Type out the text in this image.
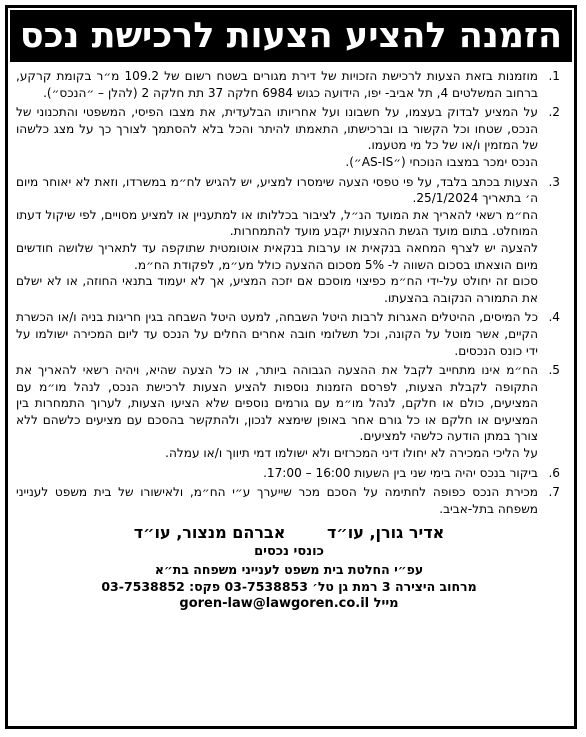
הזמנה להציע הצעות לרכישת נכס
1.

מוזמנות בזאת הצעות לרכישת הזכויות של דירת מגורים בשטח רשום של 109.2 מ״ר בקומת קרקע, ברחוב המשלטים 4, תל אביב- יפו, הידועה כגוש 6984 חלקה 37 תת חלקה 2 (להלן – ״הנכס״).

2.

על המציע לבדוק בעצמו, על חשבונו ועל אחריותו הבלעדית, את מצבו הפיסי, המשפטי והתכנוני של הנכס, שטחו וכל הקשור בו וברכישתו, התאמתו להיתר והכל בלא להסתמך לצורך כך על מצג כלשהו של המזמין ו/או של כל מי מטעמו.

הנכס ימכר במצבו הנוכחי (״AS-IS״).

3.

הצעות בכתב בלבד, על פי טפסי הצעה שימסרו למציע, יש להגיש לח״מ במשרדו, וזאת לא יאוחר מיום ה׳ בתאריך 25/1/2024.

הח״מ רשאי להאריך את המועד הנ״ל, לציבור בכללותו או למתעניין או למציע מסויים, לפי שיקול דעתו המוחלט. בתום מועד הגשת ההצעות יקבע מועד להתמחרות.

להצעה יש לצרף המחאה בנקאית או ערבות בנקאית אוטומטית שתוקפה עד לתאריך שלושה חודשים מיום הוצאתו בסכום השווה ל- 5% מסכום ההצעה כולל מע״מ, לפקודת הח״מ.

סכום זה יחולט על-ידי הח״מ כפיצוי מוסכם אם יזכה המציע, אך לא יעמוד בתנאי החוזה, או לא ישלם את התמורה הנקובה בהצעתו.

4.

כל המיסים, ההיטלים האגרות לרבות היטל השבחה, למעט היטל השבחה בגין חריגות בניה ו/או הכשרת הקיים, אשר מוטל על הקונה, וכל תשלומי חובה אחרים החלים על הנכס עד ליום המכירה ישולמו על ידי כונס הנכסים.

5.

הח״מ אינו מתחייב לקבל את ההצעה הגבוהה ביותר, או כל הצעה שהיא, ויהיה רשאי להאריך את התקופה לקבלת הצעות, לפרסם הזמנות נוספות להציע הצעות לרכישת הנכס, לנהל מו״מ עם המציעים, כולם או חלקם, לנהל מו״מ עם גורמים נוספים שלא הציעו הצעות, לערוך התמחרות בין המציעים או חלקם או כל גורם אחר באופן שימצא לנכון, ולהתקשר בהסכם עם מציעים כלשהם ללא צורך במתן הודעה כלשהי למציעים.

על הליכי המכירה לא יחולו דיני המכרזים ולא ישולמו דמי תיווך ו/או עמלה.

6.

ביקור בנכס יהיה בימי שני בין השעות 16:00 – 17:00.

7.

מכירת הנכס כפופה לחתימה על הסכם מכר שייערך ע״י הח״מ, ולאישורו של בית משפט לענייני משפחה בתל-אביב.

אדיר גורן, עו״ד אברהם מנצור, עו״ד
כונסי נכסים
עפ״י החלטת בית משפט לענייני משפחה בת״א
מרחוב היצירה 3 רמת גן טל׳ 03-7538853 פקס: 03-7538852
מייל goren-law@lawgoren.co.il
